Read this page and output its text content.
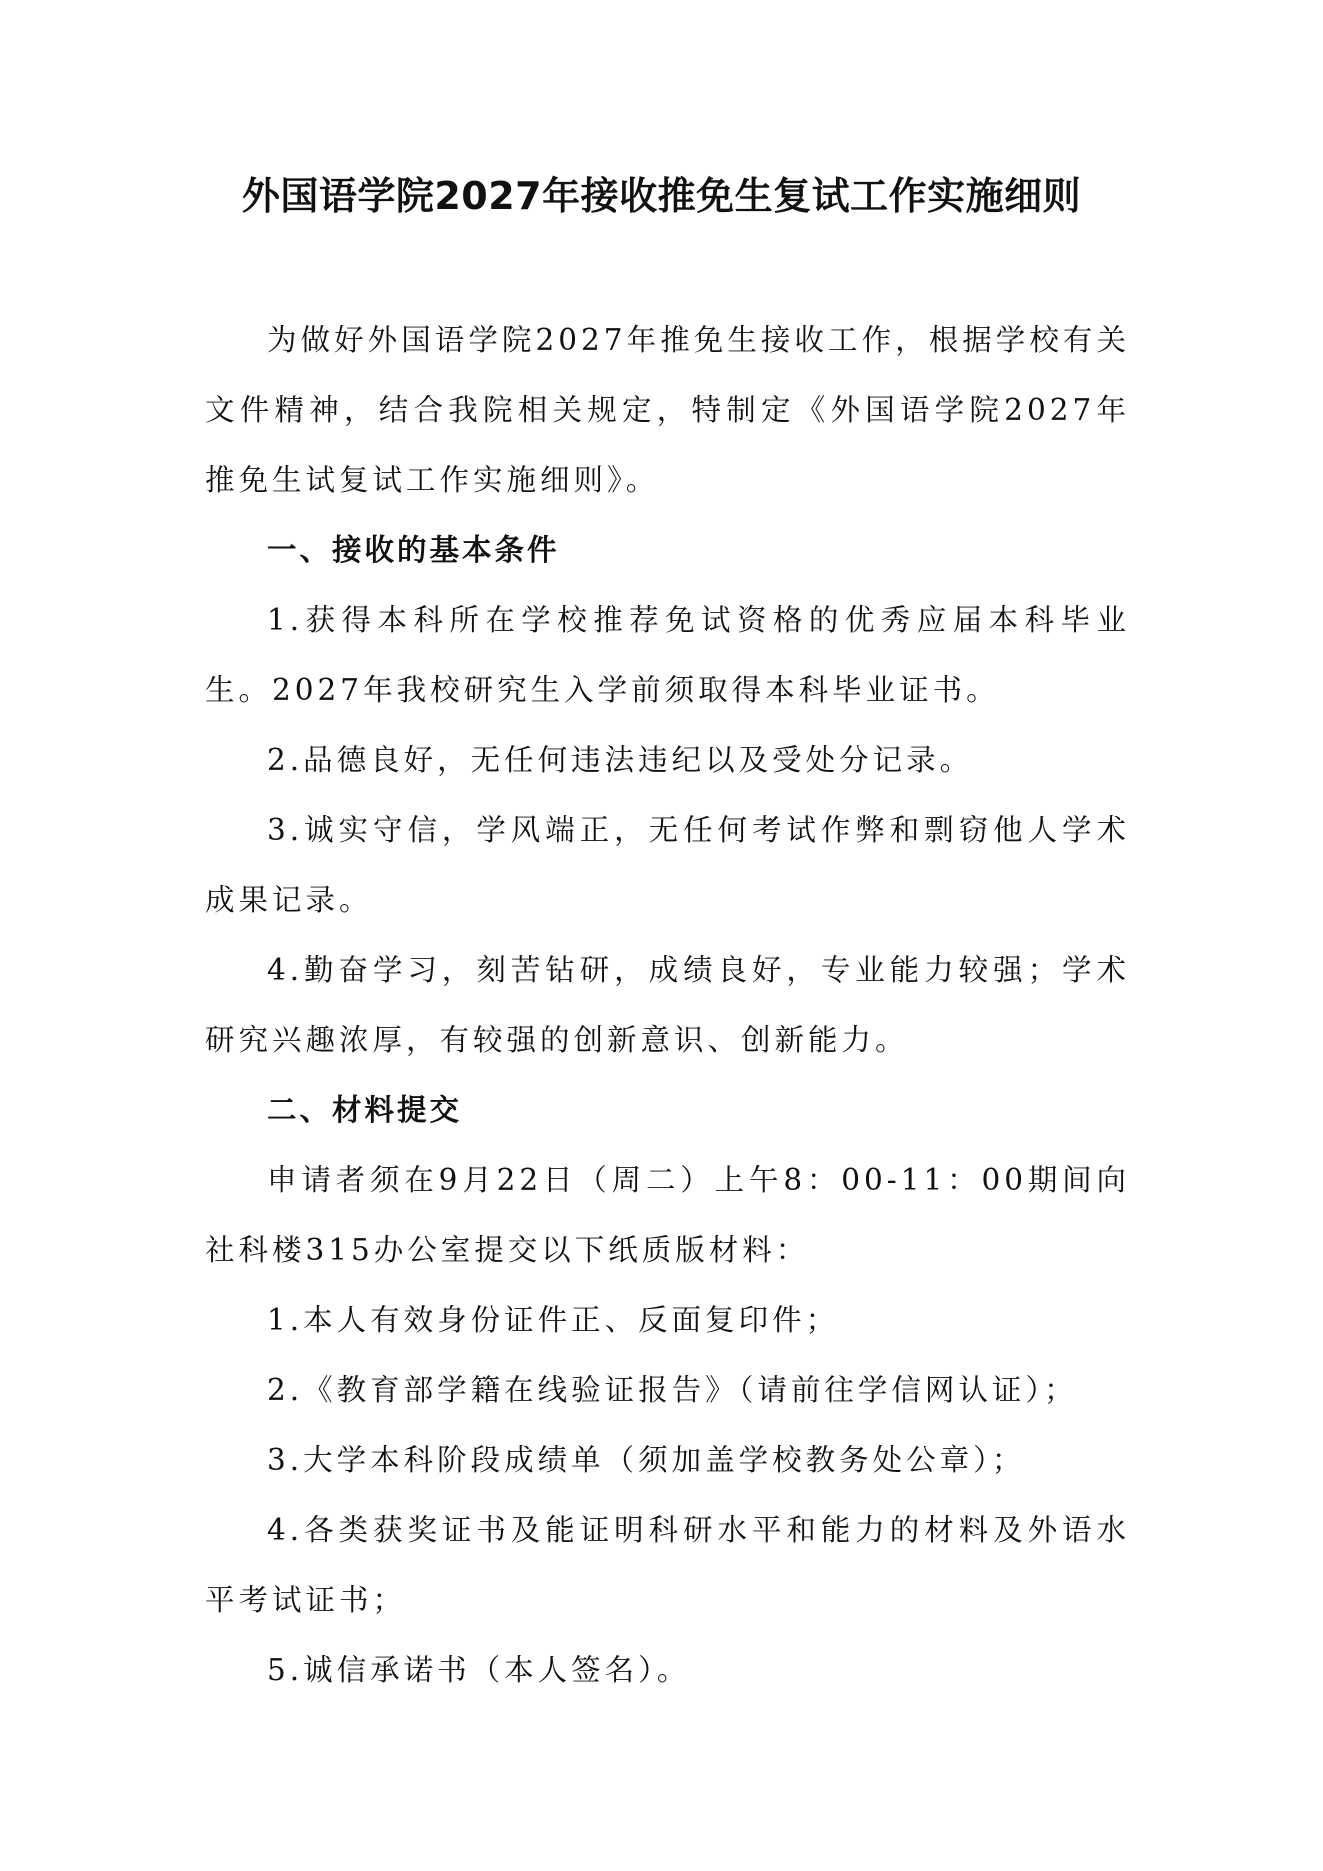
外国语学院2027年接收推免生复试工作实施细则

为做好外国语学院2027年推免生接收工作，根据学校有关文件精神，结合我院相关规定，特制定《外国语学院2027年推免生试复试工作实施细则》。

一、接收的基本条件

1.获得本科所在学校推荐免试资格的优秀应届本科毕业生。2027年我校研究生入学前须取得本科毕业证书。

2.品德良好，无任何违法违纪以及受处分记录。

3.诚实守信，学风端正，无任何考试作弊和剽窃他人学术成果记录。

4.勤奋学习，刻苦钻研，成绩良好，专业能力较强；学术研究兴趣浓厚，有较强的创新意识、创新能力。

二、材料提交

申请者须在9月22日（周二）上午8：00-11：00期间向社科楼315办公室提交以下纸质版材料：

1.本人有效身份证件正、反面复印件；

2.《教育部学籍在线验证报告》（请前往学信网认证）；

3.大学本科阶段成绩单（须加盖学校教务处公章）；

4.各类获奖证书及能证明科研水平和能力的材料及外语水平考试证书；

5.诚信承诺书（本人签名）。
